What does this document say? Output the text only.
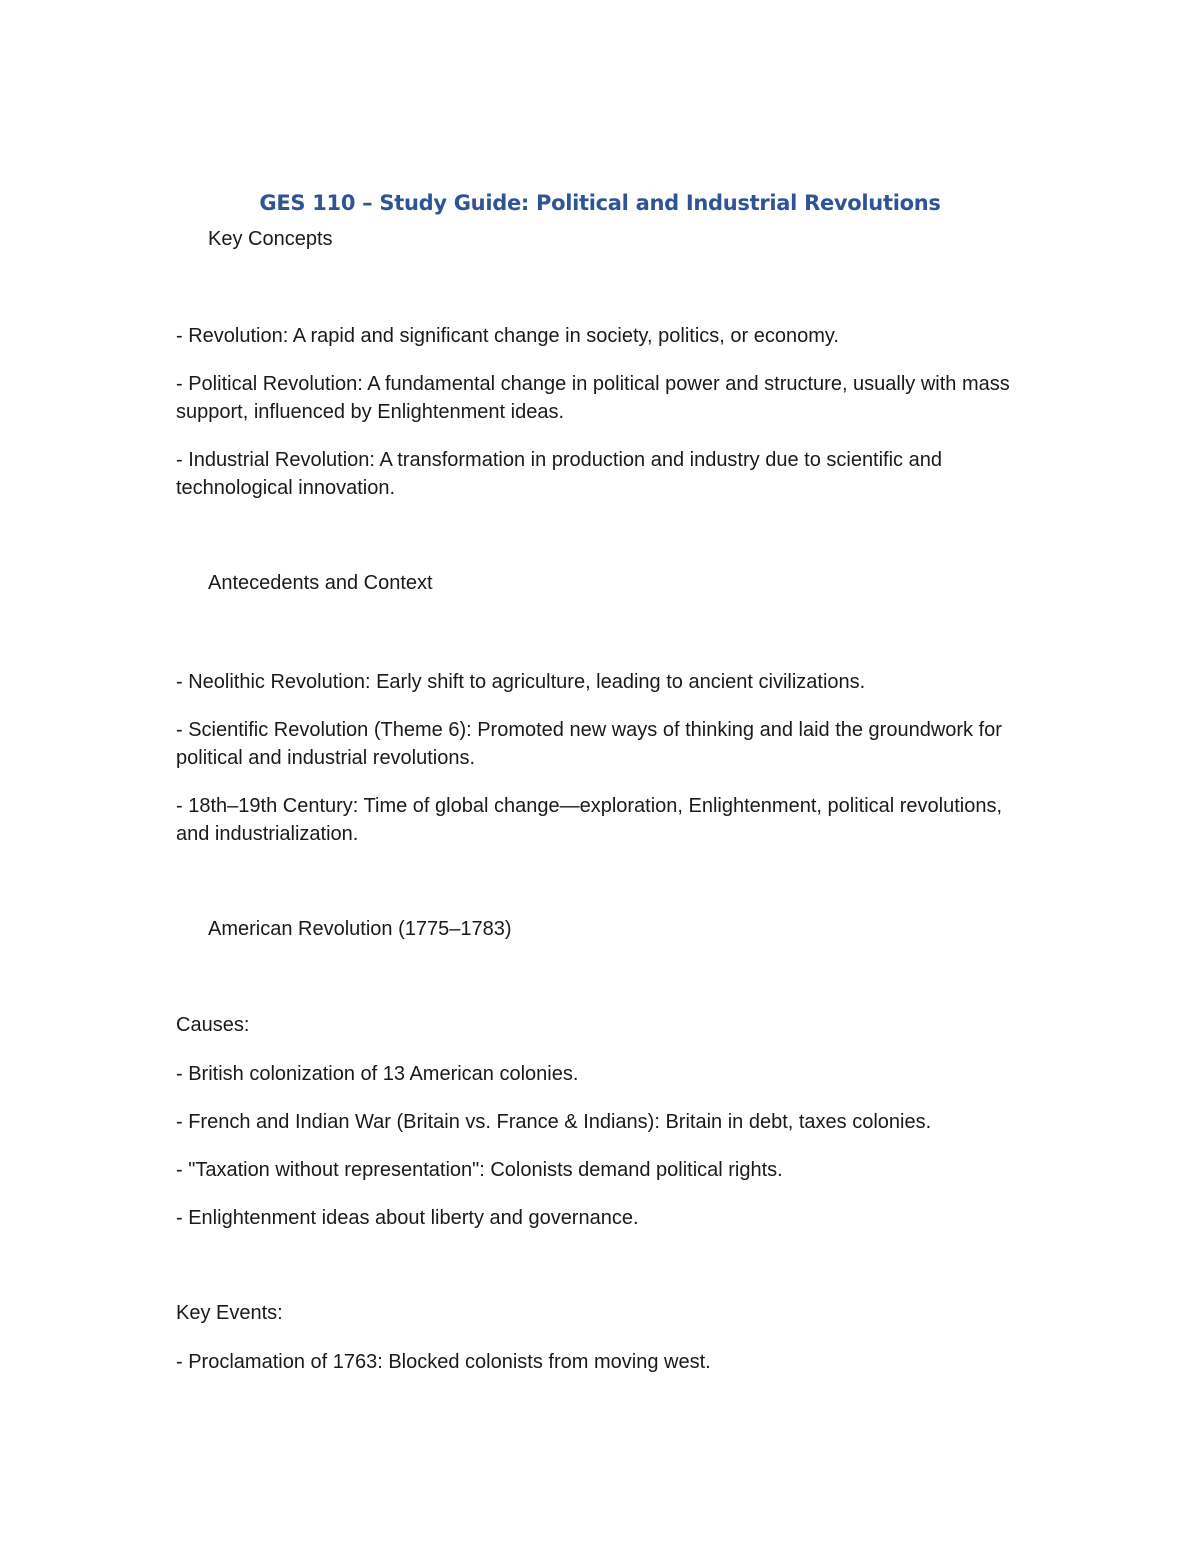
GES 110 – Study Guide: Political and Industrial Revolutions
Key Concepts
- Revolution: A rapid and significant change in society, politics, or economy.
- Political Revolution: A fundamental change in political power and structure, usually with mass support, influenced by Enlightenment ideas.
- Industrial Revolution: A transformation in production and industry due to scientific and technological innovation.
Antecedents and Context
- Neolithic Revolution: Early shift to agriculture, leading to ancient civilizations.
- Scientific Revolution (Theme 6): Promoted new ways of thinking and laid the groundwork for political and industrial revolutions.
- 18th–19th Century: Time of global change—exploration, Enlightenment, political revolutions, and industrialization.
American Revolution (1775–1783)
Causes:
- British colonization of 13 American colonies.
- French and Indian War (Britain vs. France & Indians): Britain in debt, taxes colonies.
- "Taxation without representation": Colonists demand political rights.
- Enlightenment ideas about liberty and governance.
Key Events:
- Proclamation of 1763: Blocked colonists from moving west.
